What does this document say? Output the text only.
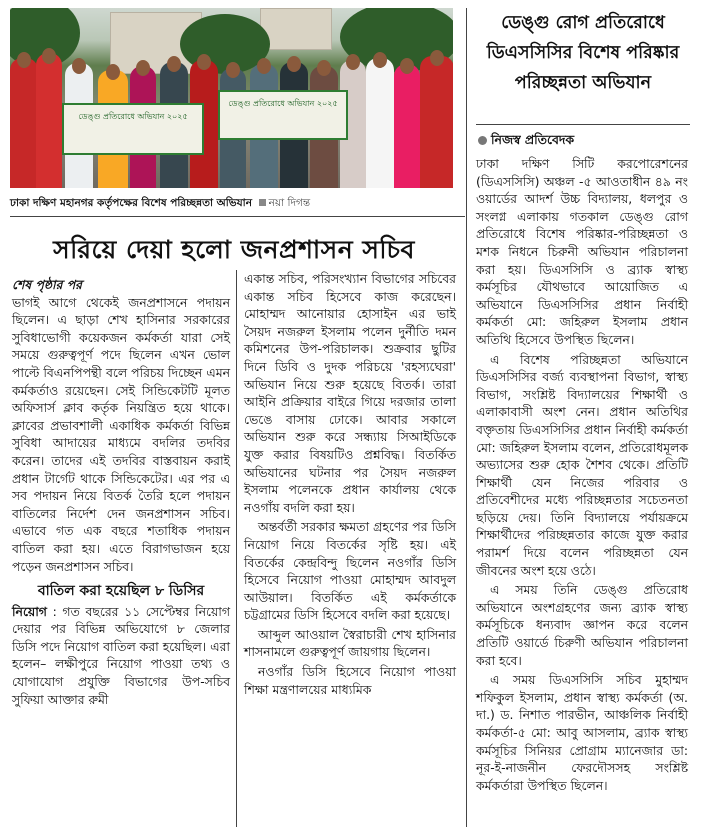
ডেঙ্গু প্রতিরোধে অভিযান ২০২৫
ডেঙ্গু প্রতিরোধে অভিযান ২০২৫
ঢাকা দক্ষিণ মহানগর কর্তৃপক্ষের বিশেষ পরিচ্ছন্নতা অভিযান নয়া দিগন্ত
সরিয়ে দেয়া হলো জনপ্রশাসন সচিব
শেষ পৃষ্ঠার পর

ভাগই আগে থেকেই জনপ্রশাসনে পদায়ন ছিলেন। এ ছাড়া শেখ হাসিনার সরকারের সুবিধাভোগী কয়েকজন কর্মকর্তা যারা সেই সময়ে গুরুত্বপূর্ণ পদে ছিলেন এখন ভোল পাল্টে বিএনপিপন্থী বলে পরিচয় দিচ্ছেন এমন কর্মকর্তাও রয়েছেন। সেই সিন্ডিকেটটি মূলত অফিসার্স ক্লাব কর্তৃক নিয়ন্ত্রিত হয়ে থাকে। ক্লাবের প্রভাবশালী একাধিক কর্মকর্তা বিভিন্ন সুবিধা আদায়ের মাধ্যমে বদলির তদবির করেন। তাদের এই তদবির বাস্তবায়ন করাই প্রধান টার্গেট থাকে সিন্ডিকেটের। এর পর এ সব পদায়ন নিয়ে বিতর্ক তৈরি হলে পদায়ন বাতিলের নির্দেশ দেন জনপ্রশাসন সচিব। এভাবে গত এক বছরে শতাধিক পদায়ন বাতিল করা হয়। এতে বিরাগভাজন হয়ে পড়েন জনপ্রশাসন সচিব।

বাতিল করা হয়েছিল ৮ ডিসির

নিয়োগ : গত বছরের ১১ সেপ্টেম্বর নিয়োগ দেয়ার পর বিভিন্ন অভিযোগে ৮ জেলার ডিসি পদে নিয়োগ বাতিল করা হয়েছিল। এরা হলেন– লক্ষীপুরে নিয়োগ পাওয়া তথ্য ও যোগাযোগ প্রযুক্তি বিভাগের উপ-সচিব সুফিয়া আক্তার রুমী

একান্ত সচিব, পরিসংখ্যান বিভাগের সচিবের একান্ত সচিব হিসেবে কাজ করেছেন। মোহাম্মদ আনোয়ার হোসাইন এর ভাই সৈয়দ নজরুল ইসলাম পলেন দুর্নীতি দমন কমিশনের উপ-পরিচালক। শুক্রবার ছুটির দিনে ডিবি ও দুদক পরিচয়ে 'রহস্যঘেরা' অভিযান নিয়ে শুরু হয়েছে বিতর্ক। তারা আইনি প্রক্রিয়ার বাইরে গিয়ে দরজার তালা ভেঙে বাসায় ঢোকে। আবার সকালে অভিযান শুরু করে সন্ধ্যায় সিআইডিকে যুক্ত করার বিষয়টিও প্রশ্নবিদ্ধ। বিতর্কিত অভিযানের ঘটনার পর সৈয়দ নজরুল ইসলাম পলেনকে প্রধান কার্যালয় থেকে নওগাঁয় বদলি করা হয়।

অন্তর্বর্তী সরকার ক্ষমতা গ্রহণের পর ডিসি নিয়োগ নিয়ে বিতর্কের সৃষ্টি হয়। এই বিতর্কের কেন্দ্রবিন্দু ছিলেন নওগাঁর ডিসি হিসেবে নিয়োগ পাওয়া মোহাম্মদ আবদুল আউয়াল। বিতর্কিত এই কর্মকর্তাকে চট্টগ্রামের ডিসি হিসেবে বদলি করা হয়েছে।

আব্দুল আওয়াল স্বৈরাচারী শেখ হাসিনার শাসনামলে গুরুত্বপূর্ণ জায়গায় ছিলেন।

নওগাঁর ডিসি হিসেবে নিয়োগ পাওয়া শিক্ষা মন্ত্রণালয়ের মাধ্যমিক

ডেঙ্গু রোগ প্রতিরোধে
ডিএসসিসির বিশেষ পরিষ্কার
পরিচ্ছন্নতা অভিযান
নিজস্ব প্রতিবেদক

ঢাকা দক্ষিণ সিটি করপোরেশনের (ডিএসসিসি) অঞ্চল -৫ আওতাধীন ৪৯ নং ওয়ার্ডের আদর্শ উচ্চ বিদ্যালয়, ধলপুর ও সংলগ্ন এলাকায় গতকাল ডেঙ্গু রোগ প্রতিরোধে বিশেষ পরিষ্কার-পরিচ্ছন্নতা ও মশক নিধনে চিরুনী অভিযান পরিচালনা করা হয়। ডিএসসিসি ও ব্র্যাক স্বাস্থ্য কর্মসূচির যৌথভাবে আয়োজিত এ অভিযানে ডিএসসিসির প্রধান নির্বাহী কর্মকর্তা মো: জহিরুল ইসলাম প্রধান অতিথি হিসেবে উপস্থিত ছিলেন।

এ বিশেষ পরিচ্ছন্নতা অভিযানে ডিএসসিসির বর্জ্য ব্যবস্থাপনা বিভাগ, স্বাস্থ্য বিভাগ, সংশ্লিষ্ট বিদ্যালয়ের শিক্ষার্থী ও এলাকাবাসী অংশ নেন। প্রধান অতিথির বক্তৃতায় ডিএসসিসির প্রধান নির্বাহী কর্মকর্তা মো: জহিরুল ইসলাম বলেন, প্রতিরোধমূলক অভ্যাসের শুরু হোক শৈশব থেকে। প্রতিটি শিক্ষার্থী যেন নিজের পরিবার ও প্রতিবেশীদের মধ্যে পরিচ্ছন্নতার সচেতনতা ছড়িয়ে দেয়। তিনি বিদ্যালয়ে পর্যায়ক্রমে শিক্ষার্থীদের পরিচ্ছন্নতার কাজে যুক্ত করার পরামর্শ দিয়ে বলেন পরিচ্ছন্নতা যেন জীবনের অংশ হয়ে ওঠে।

এ সময় তিনি ডেঙ্গু প্রতিরোধ অভিযানে অংশগ্রহণের জন্য ব্র্যাক স্বাস্থ্য কর্মসূচিকে ধন্যবাদ জ্ঞাপন করে বলেন প্রতিটি ওয়ার্ডে চিরুণী অভিযান পরিচালনা করা হবে।

এ সময় ডিএসসিসি সচিব মুহাম্মদ শফিকুল ইসলাম, প্রধান স্বাস্থ্য কর্মকর্তা (অ. দা.) ড. নিশাত পারভীন, আঞ্চলিক নির্বাহী কর্মকর্তা-৫ মো: আবু আসলাম, ব্র্যাক স্বাস্থ্য কর্মসূচির সিনিয়র প্রোগ্রাম ম্যানেজার ডা: নূর-ই-নাজনীন ফেরদৌসসহ সংশ্লিষ্ট কর্মকর্তারা উপস্থিত ছিলেন।
